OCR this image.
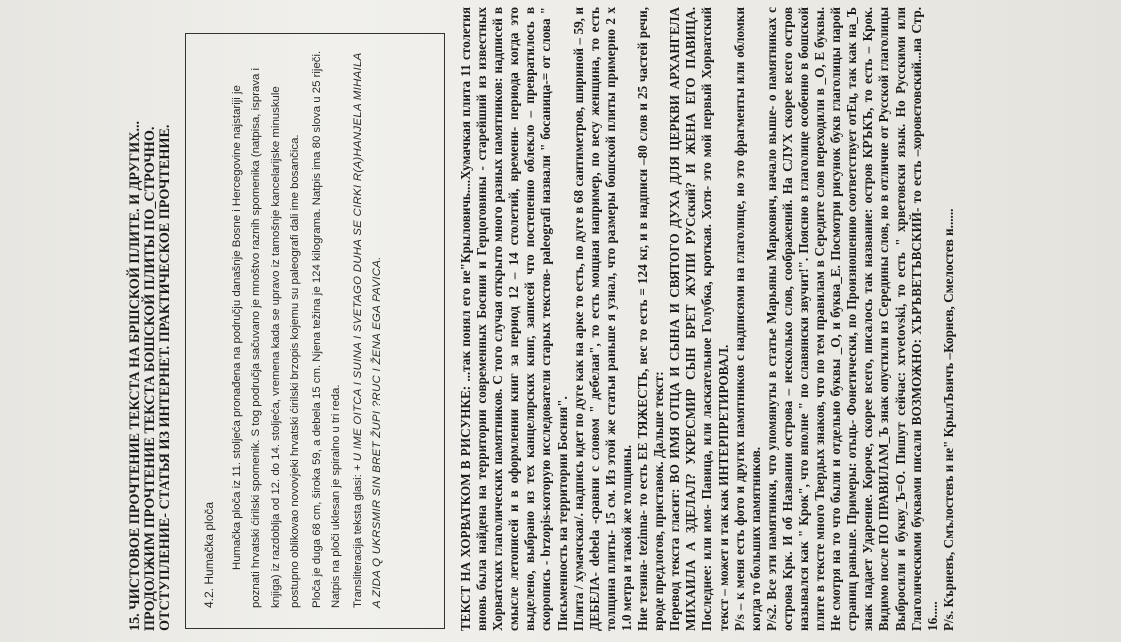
15. ЧИСТОВОЕ ПРОЧТЕНИЕ ТЕКСТА НА БРШСКОЙ ПЛИТЕ. И ДРУГИХ... ПРОДОЛЖИМ ПРОЧТЕНИЕ ТЕКСТА БОШСКОЙ ПЛИТЫ ПО_СТРОЧНО. ОТСТУПЛЕНИЕ- СТАТЬЯ ИЗ ИНТЕРНЕТ. ПРАКТИЧЕСКОЕ ПРОЧТЕНИЕ. 4.2. Humačka ploča	Humačka ploča iz 11. stoljeća pronađena na području današnje Bosne i Hercegovine najstariji je poznati hrvatski ćirilski spomenik. S tog područja sačuvano je mnoštvo raznih spomenika (natpisa, isprava i knjiga) iz razdoblja od 12. do 14. stoljeća, vremena kada se upravo iz tamošnje kancelarijske minuskule postupno oblikovao novovjeki hrvatski ćirilski brzopis kojemu su paleografi dali ime bosančica. Ploča je duga 68 cm, široka 59, a debela 15 cm. Njena težina je 124 kilograma. Natpis ima 80 slova u 25 riječi. Natpis na ploči uklesan je spiralno u tri reda. Transliteracija teksta glasi: + U IME OITCA I SUINA I SVETAGO DUHA SE CIRKI R(A)HANJELA MIHAILA A ZIDA Q UKRSMIR SIN BRET ŽUPI ?RUC I ŽENA EGA PAVICA.	ТЕКСТ НА ХОРВАТКОМ В РИСУНКЕ: ...так понял его не"Крыловичь....Хумачкая плита 11 столетия вновь была найдена на территории современных Боснии и Герцоговины - старейший из известных Хорватских глаголических памятников. С того случая открыто много разных памятников: надписей в смысле летописей и в оформлении книг за период 12 – 14 столетий, времени- периода когда это выделено, выбрано из тех канцелярских книг, записей что постепенно облекло – превратилось в скоропись - brzopis-которую исследователи старых текстов- paleografi назвали " босаница-= от слова " Письменность на территории Босния". Плита / хумачская/. надпись идет по дуге как на арке то есть, по дуге в 68 сантиметров, шириной – 59, и ДЕБЕЛА- debela -сравни с словом " дебелая", то есть мощная например, по весу женщина, то есть толщина плиты- 15 см. Из этой же статьи раньше я узнал, что размеры бошской плиты примерно 2 х 1.0 метра и такой же толщины. Ние тезина- tezinna- то есть ЕЕ ТЯЖЕСТЬ, вес то есть = 124 кг, и в надписи –80 слов и 25 частей речи, вроде предлогов, приставок. Дальше текст: Перевод текста гласит: ВО ИМЯ ОТЦА И СЫНА И СВЯТОГО ДУХА ДЛЯ ЦЕРКВИ АРХАНГЕЛА МИХАИЛА А ЗДЕЛАЛ? УКРЕСМИР СЫН БРЕТ ЖУПИ РУСский? И ЖЕНА ЕГО ПАВИЦА. Последнее: или имя- Павица, или ласкательное Голубка, кроткая. Хотя- это мой первый Хорватский текст – может и так как ИНТЕРПРЕТИРОВАЛ. P/s – к меня есть фото и других памятников с надписями на глаголице, но это фрагменты или обломки когда то больших памятников. P/s2. Все эти памятники, что упомянуты в статье Марьяны Маркович, начало выше- о памятниках с острова Крк. И об Названии острова – несколько слов, соображений. На СЛУХ скорее всего остров назывался как " Крок", что вполне " по славянски звучит!". Поясню в глаголице особенно в бошской плите в тексте много Твердых знаков, что по тем правилам в Середите слов переходили в _О, Е буквы. Не смотря на то что были и отдельно буквы _О, и буква_Е. Посмотри рисунок букв глаголицы парой страниц раньше. Примеры: отьць- Фонетически, по Произношению соответствует отЕц, так как на_Ъ знак падает Ударение. Короче, скорее всего, писалось так название: остров КРЪКЪ, то есть – Крок. Видимо после ПО ПРАВИЛАМ_Ъ знак опустили из Середины слов, но в отличие от Русской глаголицы Выбросили и букву_Ъ=О. Пишут сейчас: xrvetovski, то есть " хрветовски язык. Но Русскими или Глаголическими буквами писали ВОЗМОЖНО: ХЪРЪВЕТЪВСКИЙ- то есть –хоровєтовский...на Стр. 16..... P/s. Кърневъ, Смълостевъ и не" КрылЪвичъ –Корнев, Смелостев и......
